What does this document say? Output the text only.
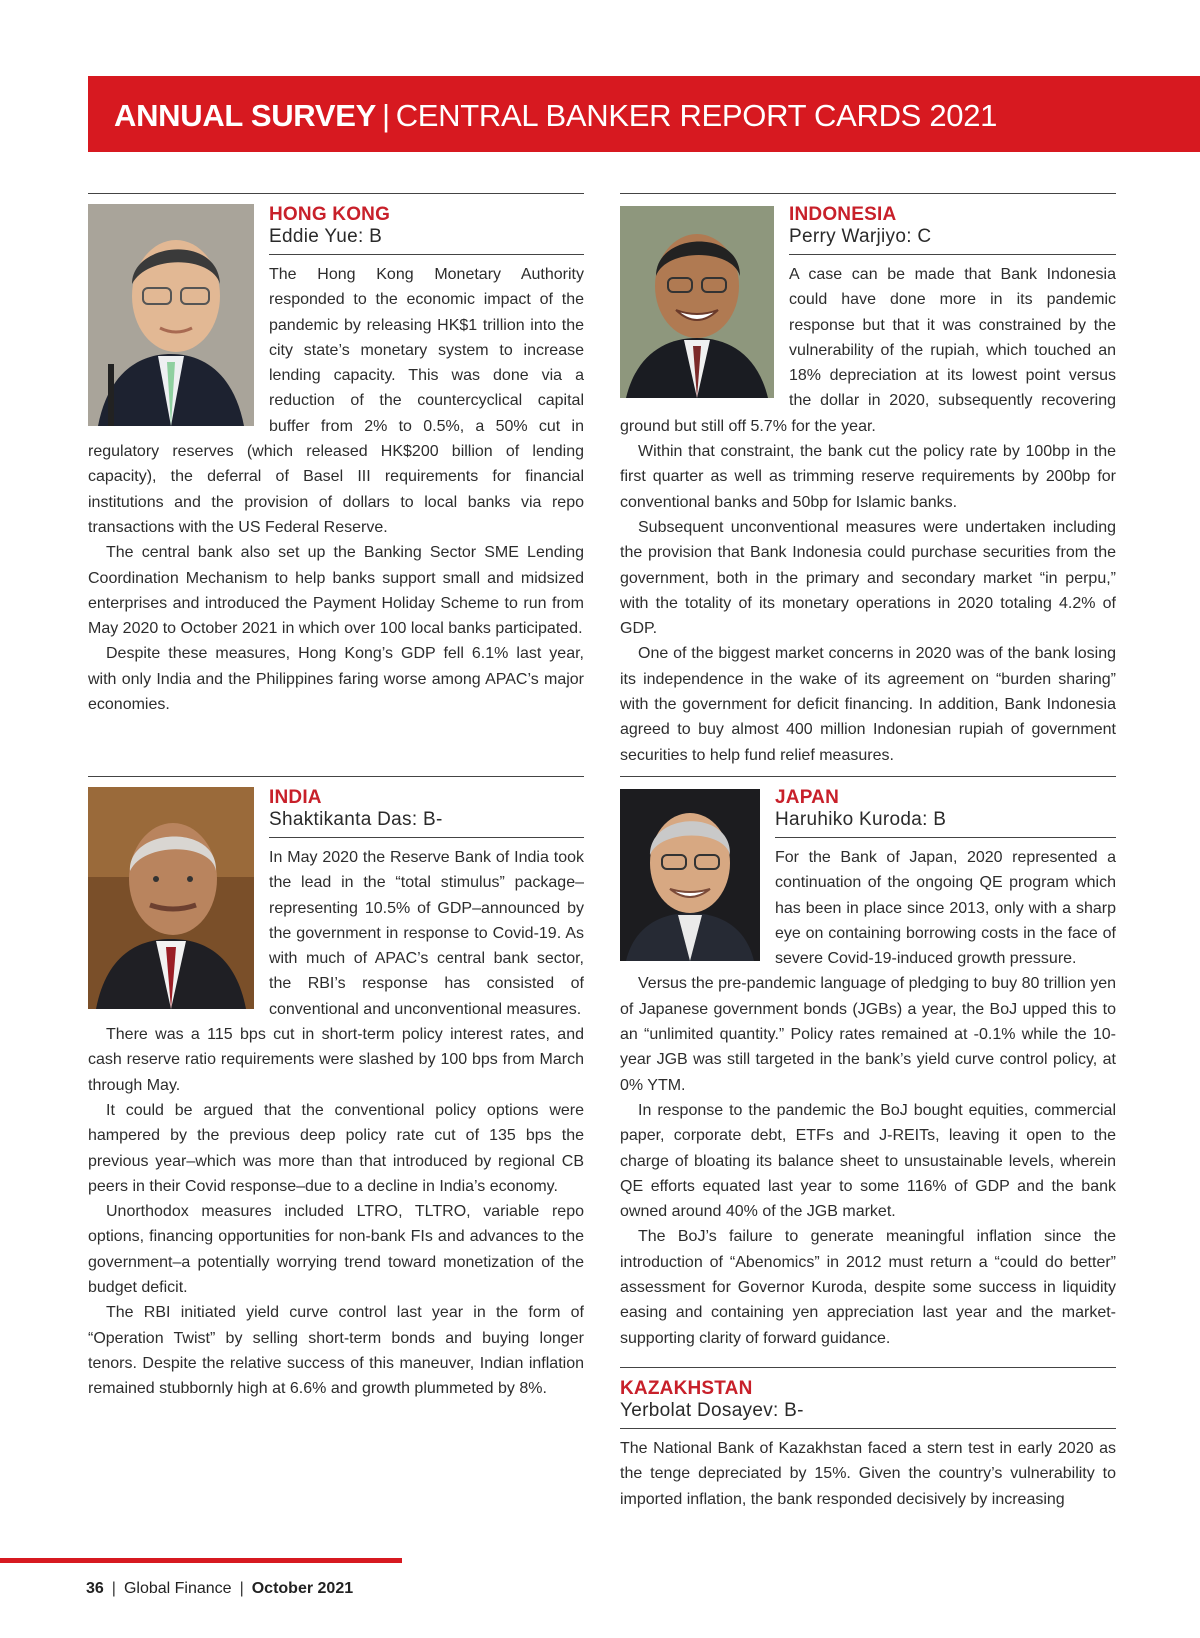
ANNUAL SURVEY | CENTRAL BANKER REPORT CARDS 2021
HONG KONG
Eddie Yue: B

The Hong Kong Monetary Authority responded to the economic impact of the pandemic by releasing HK$1 trillion into the city state’s monetary system to increase lending capacity. This was done via a reduction of the countercyclical capital buffer from 2% to 0.5%, a 50% cut in regulatory reserves (which released HK$200 billion of lending capacity), the deferral of Basel III requirements for financial institutions and the provision of dollars to local banks via repo transactions with the US Federal Reserve.

The central bank also set up the Banking Sector SME Lending Coordination Mechanism to help banks support small and midsized enterprises and introduced the Payment Holiday Scheme to run from May 2020 to October 2021 in which over 100 local banks participated.

Despite these measures, Hong Kong’s GDP fell 6.1% last year, with only India and the Philippines faring worse among APAC’s major economies.

INDONESIA
Perry Warjiyo: C

A case can be made that Bank Indonesia could have done more in its pandemic response but that it was constrained by the vulnerability of the rupiah, which touched an 18% depreciation at its lowest point versus the dollar in 2020, subsequently recovering ground but still off 5.7% for the year.

Within that constraint, the bank cut the policy rate by 100bp in the first quarter as well as trimming reserve requirements by 200bp for conventional banks and 50bp for Islamic banks.

Subsequent unconventional measures were undertaken including the provision that Bank Indonesia could purchase securities from the government, both in the primary and secondary market “in perpu,” with the totality of its monetary operations in 2020 totaling 4.2% of GDP.

One of the biggest market concerns in 2020 was of the bank losing its independence in the wake of its agreement on “burden sharing” with the government for deficit financing. In addition, Bank Indonesia agreed to buy almost 400 million Indonesian rupiah of government securities to help fund relief measures.

INDIA
Shaktikanta Das: B-

In May 2020 the Reserve Bank of India took the lead in the “total stimulus” package–representing 10.5% of GDP–announced by the government in response to Covid-19. As with much of APAC’s central bank sector, the RBI’s response has consisted of conventional and unconventional measures.

There was a 115 bps cut in short-term policy interest rates, and cash reserve ratio requirements were slashed by 100 bps from March through May.

It could be argued that the conventional policy options were hampered by the previous deep policy rate cut of 135 bps the previous year–which was more than that introduced by regional CB peers in their Covid response–due to a decline in India’s economy.

Unorthodox measures included LTRO, TLTRO, variable repo options, financing opportunities for non-bank FIs and advances to the government–a potentially worrying trend toward monetization of the budget deficit.

The RBI initiated yield curve control last year in the form of “Operation Twist” by selling short-term bonds and buying longer tenors. Despite the relative success of this maneuver, Indian inflation remained stubbornly high at 6.6% and growth plummeted by 8%.

JAPAN
Haruhiko Kuroda: B

For the Bank of Japan, 2020 represented a continuation of the ongoing QE program which has been in place since 2013, only with a sharp eye on containing borrowing costs in the face of severe Covid-19-induced growth pressure.

Versus the pre-pandemic language of pledging to buy 80 trillion yen of Japanese government bonds (JGBs) a year, the BoJ upped this to an “unlimited quantity.” Policy rates remained at -0.1% while the 10-year JGB was still targeted in the bank’s yield curve control policy, at 0% YTM.

In response to the pandemic the BoJ bought equities, commercial paper, corporate debt, ETFs and J-REITs, leaving it open to the charge of bloating its balance sheet to unsustainable levels, wherein QE efforts equated last year to some 116% of GDP and the bank owned around 40% of the JGB market.

The BoJ’s failure to generate meaningful inflation since the introduction of “Abenomics” in 2012 must return a “could do better” assessment for Governor Kuroda, despite some success in liquidity easing and containing yen appreciation last year and the market-supporting clarity of forward guidance.

KAZAKHSTAN
Yerbolat Dosayev: B-

The National Bank of Kazakhstan faced a stern test in early 2020 as the tenge depreciated by 15%. Given the country’s vulnerability to imported inflation, the bank responded decisively by increasing

36 | Global Finance | October 2021
